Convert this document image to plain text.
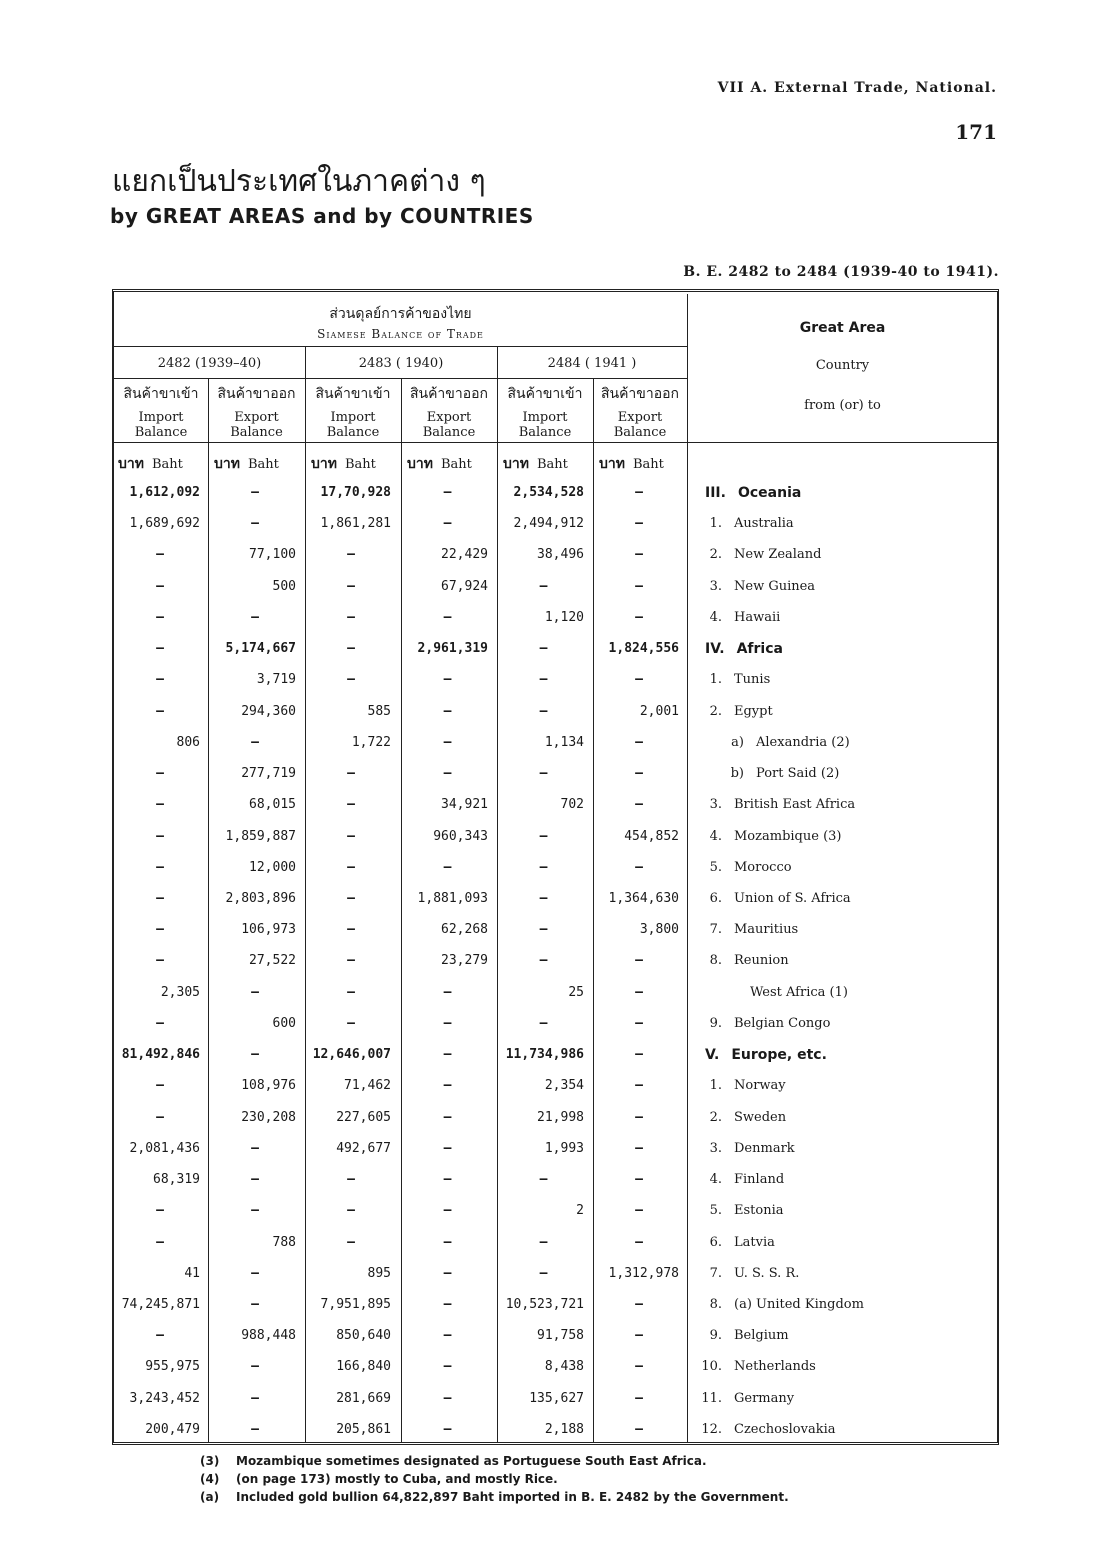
VII A. External Trade, National.
171
แยกเป็นประเทศในภาคต่าง ๆ
by GREAT AREAS and by COUNTRIES
B. E. 2482 to 2484 (1939-40 to 1941).
ส่วนดุลย์การค้าของไทย
Siamese Balance of Trade	Great Area
Country
from (or) to
2482 (1939–40)	2483 ( 1940)	2484 ( 1941 )
สินค้าขาเข้า
Import
Balance
สินค้าขาออก
Export
Balance
สินค้าขาเข้า
Import
Balance
สินค้าขาออก
Export
Balance
สินค้าขาเข้า
Import
Balance
สินค้าขาออก
Export
Balance
บาท Baht บาท Baht บาท Baht บาท Baht บาท Baht บาท Baht
1,612,092	—	17,70,928	—	2,534,528	—	III. Oceania
1,689,692	—	1,861,281	—	2,494,912	—	1. Australia
—	77,100	—	22,429	38,496	—	2. New Zealand
—	500	—	67,924	—	—	3. New Guinea
—	—	—	—	1,120	—	4. Hawaii
—	5,174,667	—	2,961,319	—	1,824,556 IV. Africa
—	3,719	—	—	—	—	1. Tunis
—	294,360	585	—	—	2,001	2. Egypt
806	—	1,722	—	1,134	—	a) Alexandria (2)
—	277,719	—	—	—	—	b) Port Said (2)
—	68,015	—	34,921	702	—	3. British East Africa
—	1,859,887	—	960,343	—	454,852	4. Mozambique (3)
—	12,000	—	—	—	—	5. Morocco
—	2,803,896	—	1,881,093	—	1,364,630	6. Union of S. Africa
—	106,973	—	62,268	—	3,800	7. Mauritius
—	27,522	—	23,279	—	—	8. Reunion
2,305	—	—	—	25	—	West Africa (1)
—	600	—	—	—	—	9. Belgian Congo
81,492,846	—	12,646,007	—	11,734,986	—	V. Europe, etc.
—	108,976	71,462	—	2,354	—	1. Norway
—	230,208	227,605	—	21,998	—	2. Sweden
2,081,436	—	492,677	—	1,993	—	3. Denmark
68,319	—	—	—	—	—	4. Finland
—	—	—	—	2	—	5. Estonia
—	788	—	—	—	—	6. Latvia
41	—	895	—	—	1,312,978	7. U. S. S. R.
74,245,871	—	7,951,895	—	10,523,721	—	8. (a) United Kingdom
—	988,448	850,640	—	91,758	—	9. Belgium
955,975	—	166,840	—	8,438	—	10. Netherlands
3,243,452	—	281,669	—	135,627	—	11. Germany
200,479	—	205,861	—	2,188	—	12. Czechoslovakia
(3) Mozambique sometimes designated as Portuguese South East Africa.
(4) (on page 173) mostly to Cuba, and mostly Rice.
(a) Included gold bullion 64,822,897 Baht imported in B. E. 2482 by the Government.
